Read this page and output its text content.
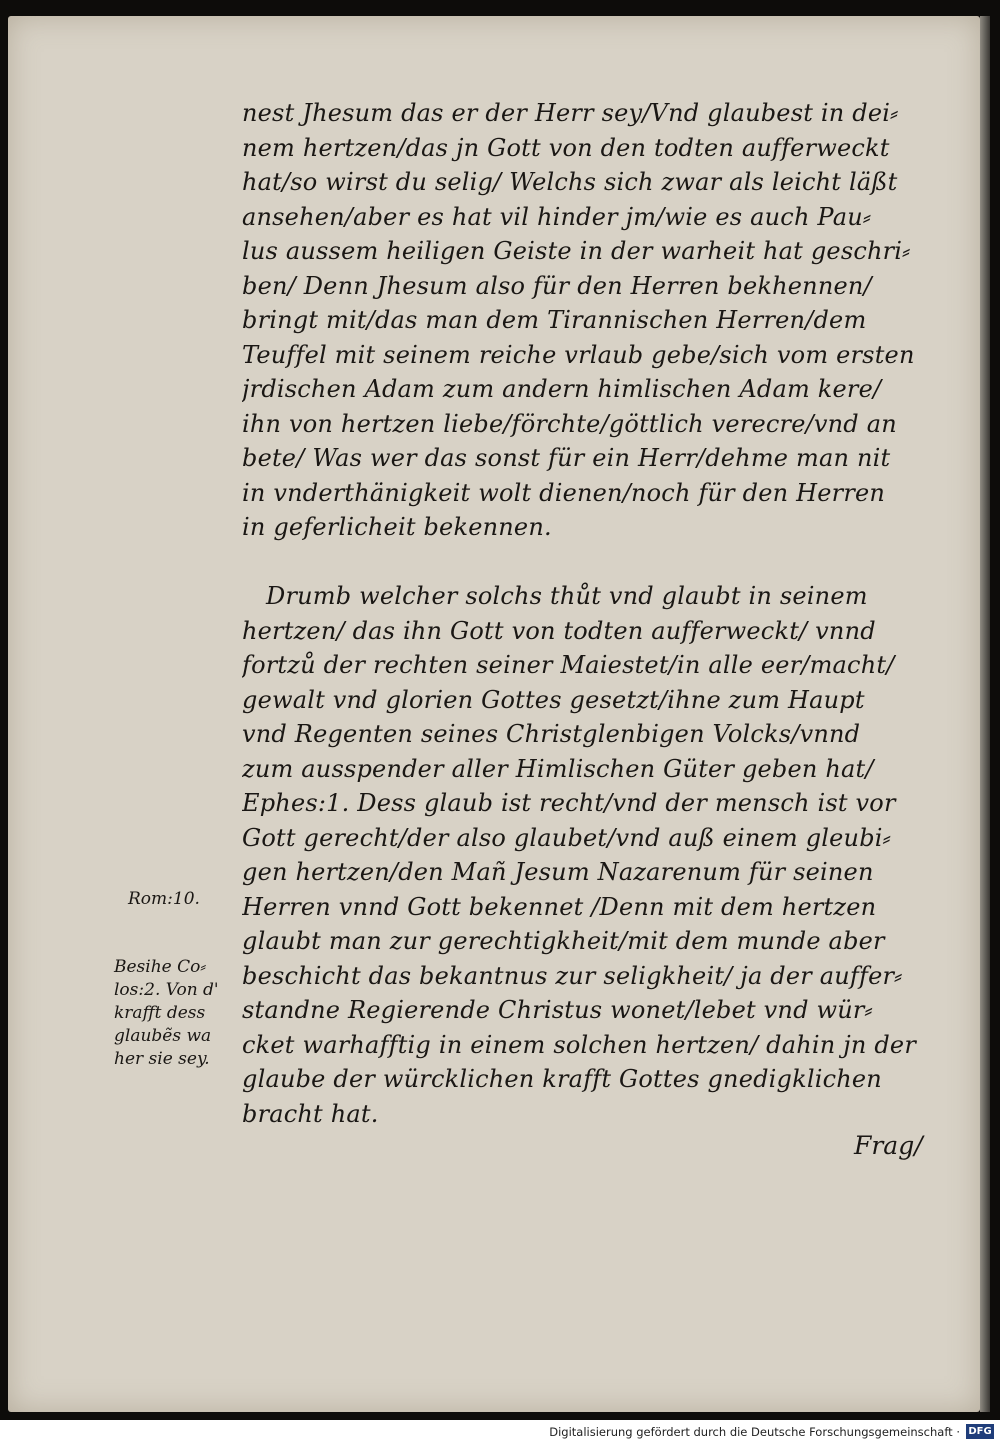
nest Jhesum das er der Herr sey/Vnd glaubest in dei⸗
nem hertzen/das jn Gott von den todten aufferweckt
hat/so wirst du selig/ Welchs sich zwar als leicht läßt
ansehen/aber es hat vil hinder jm/wie es auch Pau⸗
lus aussem heiligen Geiste in der warheit hat geschri⸗
ben/ Denn Jhesum also für den Herren bekhennen/
bringt mit/das man dem Tirannischen Herren/dem
Teuffel mit seinem reiche vrlaub gebe/sich vom ersten
jrdischen Adam zum andern himlischen Adam kere/
ihn von hertzen liebe/förchte/göttlich verecre/vnd an
bete/ Was wer das sonst für ein Herr/dehme man nit
in vnderthänigkeit wolt dienen/noch für den Herren
in geferlicheit bekennen.
Drumb welcher solchs thůt vnd glaubt in seinem
hertzen/ das ihn Gott von todten aufferweckt/ vnnd
fortzů der rechten seiner Maiestet/in alle eer/macht/
gewalt vnd glorien Gottes gesetzt/ihne zum Haupt
vnd Regenten seines Christglenbigen Volcks/vnnd
zum ausspender aller Himlischen Güter geben hat/
Ephes:1. Dess glaub ist recht/vnd der mensch ist vor
Gott gerecht/der also glaubet/vnd auß einem gleubi⸗
gen hertzen/den Mañ Jesum Nazarenum für seinen
Herren vnnd Gott bekennet /Denn mit dem hertzen
glaubt man zur gerechtigkheit/mit dem munde aber
beschicht das bekantnus zur seligkheit/ ja der auffer⸗
standne Regierende Christus wonet/lebet vnd wür⸗
cket warhafftig in einem solchen hertzen/ dahin jn der
glaube der würcklichen krafft Gottes gnedigklichen
bracht hat.
Rom:10.
Besihe Co⸗
los:2. Von d'
krafft dess
glaubẽs wa
her sie sey.
Frag/
Digitalisierung gefördert durch die Deutsche Forschungsgemeinschaft · DFG
